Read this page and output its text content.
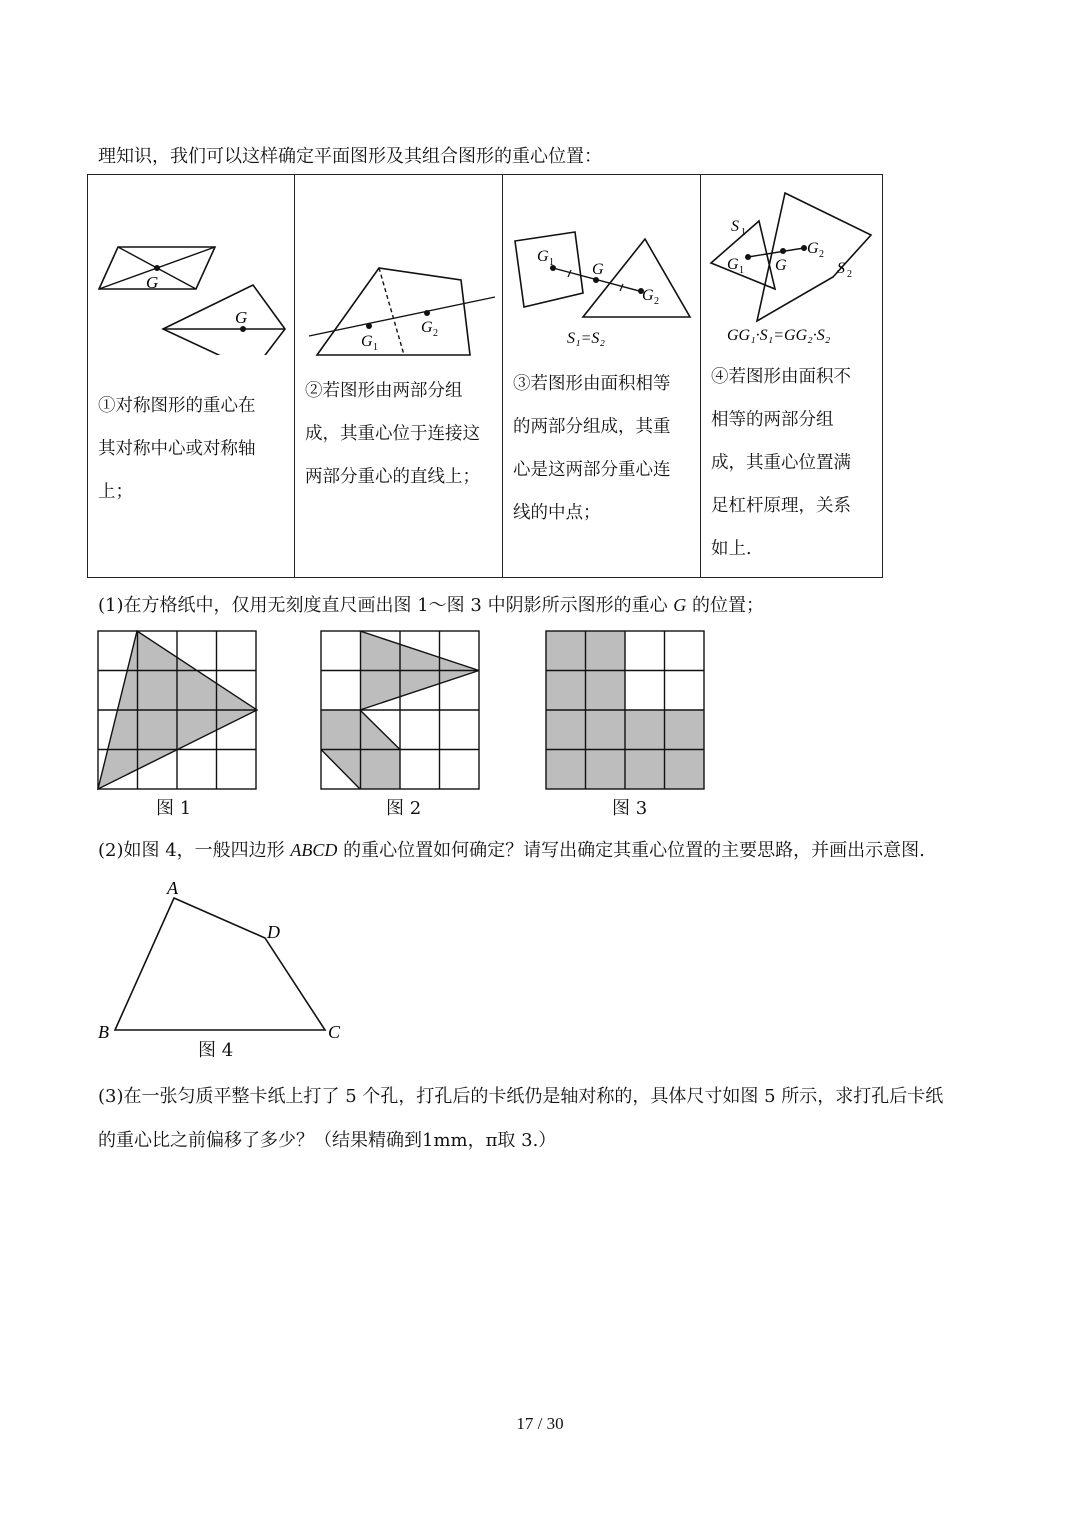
理知识，我们可以这样确定平面图形及其组合图形的重心位置：
G
G
①对称图形的重心在
其对称中心或对称轴
上；

G 1
G 2
②若图形由两部分组
成，其重心位于连接这
两部分重心的直线上；

G 1 G
G 2
S₁=S₂
③若图形由面积相等
的两部分组成，其重
心是这两部分重心连
线的中点；

S 1
G 1 G
G 2
S 2
GG₁·S₁=GG₂·S₂
④若图形由面积不
相等的两部分组
成，其重心位置满
足杠杆原理，关系
如上.
(1)在方格纸中，仅用无刻度直尺画出图 1～图 3 中阴影所示图形的重心 G 的位置；
图 1	图 2	图 3
(2)如图 4，一般四边形 ABCD 的重心位置如何确定？请写出确定其重心位置的主要思路，并画出示意图.
A
B	C
D
图 4
(3)在一张匀质平整卡纸上打了 5 个孔，打孔后的卡纸仍是轴对称的，具体尺寸如图 5 所示，求打孔后卡纸
的重心比之前偏移了多少？（结果精确到1mm，π取 3.）
17 / 30
